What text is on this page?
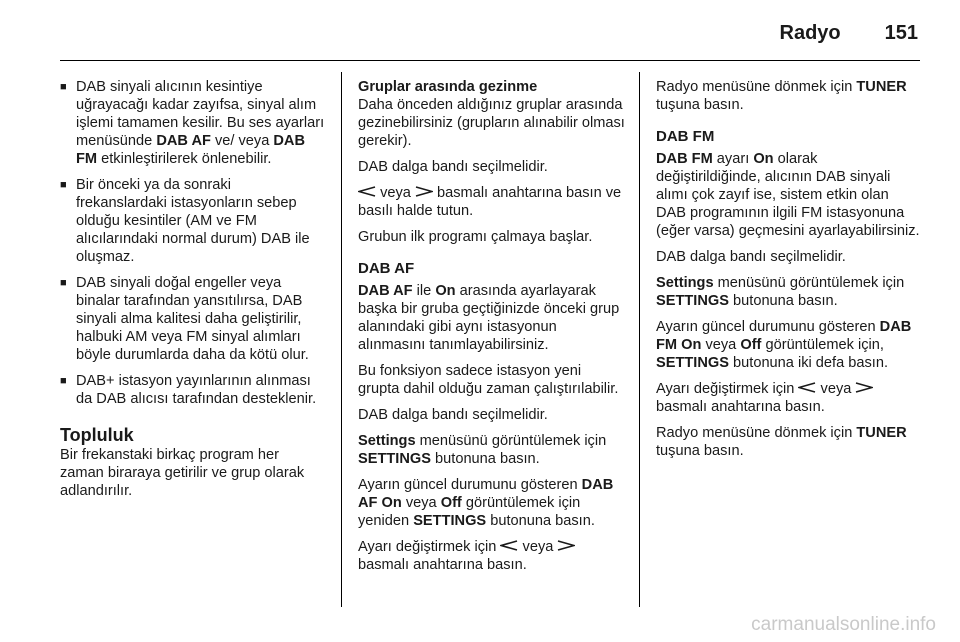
Radyo 151
■ DAB sinyali alıcının kesintiye uğrayacağı kadar zayıfsa, sinyal alım işlemi tamamen kesilir. Bu ses ayarları menüsünde DAB AF ve/ veya DAB FM etkinleştirilerek önlenebilir.
■ Bir önceki ya da sonraki frekanslardaki istasyonların sebep olduğu kesintiler (AM ve FM alıcılarındaki normal durum) DAB ile oluşmaz.
■ DAB sinyali doğal engeller veya binalar tarafından yansıtılırsa, DAB sinyali alma kalitesi daha geliştirilir, halbuki AM veya FM sinyal alımları böyle durumlarda daha da kötü olur.
■ DAB+ istasyon yayınlarının alınması da DAB alıcısı tarafından desteklenir.
Topluluk

Bir frekanstaki birkaç program her zaman biraraya getirilir ve grup olarak adlandırılır.

Gruplar arasında gezinme

Daha önceden aldığınız gruplar arasında gezinebilirsiniz (grupların alınabilir olması gerekir).

DAB dalga bandı seçilmelidir.

veya basmalı anahtarına basın ve basılı halde tutun.

Grubun ilk programı çalmaya başlar.

DAB AF

DAB AF ile On arasında ayarlayarak başka bir gruba geçtiğinizde önceki grup alanındaki gibi aynı istasyonun alınmasını tanımlayabilirsiniz.

Bu fonksiyon sadece istasyon yeni grupta dahil olduğu zaman çalıştırılabilir.

DAB dalga bandı seçilmelidir.

Settings menüsünü görüntülemek için SETTINGS butonuna basın.

Ayarın güncel durumunu gösteren DAB AF On veya Off görüntülemek için yeniden SETTINGS butonuna basın.

Ayarı değiştirmek için veya  basmalı anahtarına basın.

Radyo menüsüne dönmek için TUNER tuşuna basın.

DAB FM

DAB FM ayarı On olarak değiştirildiğinde, alıcının DAB sinyali alımı çok zayıf ise, sistem etkin olan DAB programının ilgili FM istasyonuna (eğer varsa) geçmesini ayarlayabilirsiniz.

DAB dalga bandı seçilmelidir.

Settings menüsünü görüntülemek için SETTINGS butonuna basın.

Ayarın güncel durumunu gösteren DAB FM On veya Off görüntülemek için, SETTINGS butonuna iki defa basın.

Ayarı değiştirmek için veya  basmalı anahtarına basın.

Radyo menüsüne dönmek için TUNER tuşuna basın.

carmanualsonline.info
